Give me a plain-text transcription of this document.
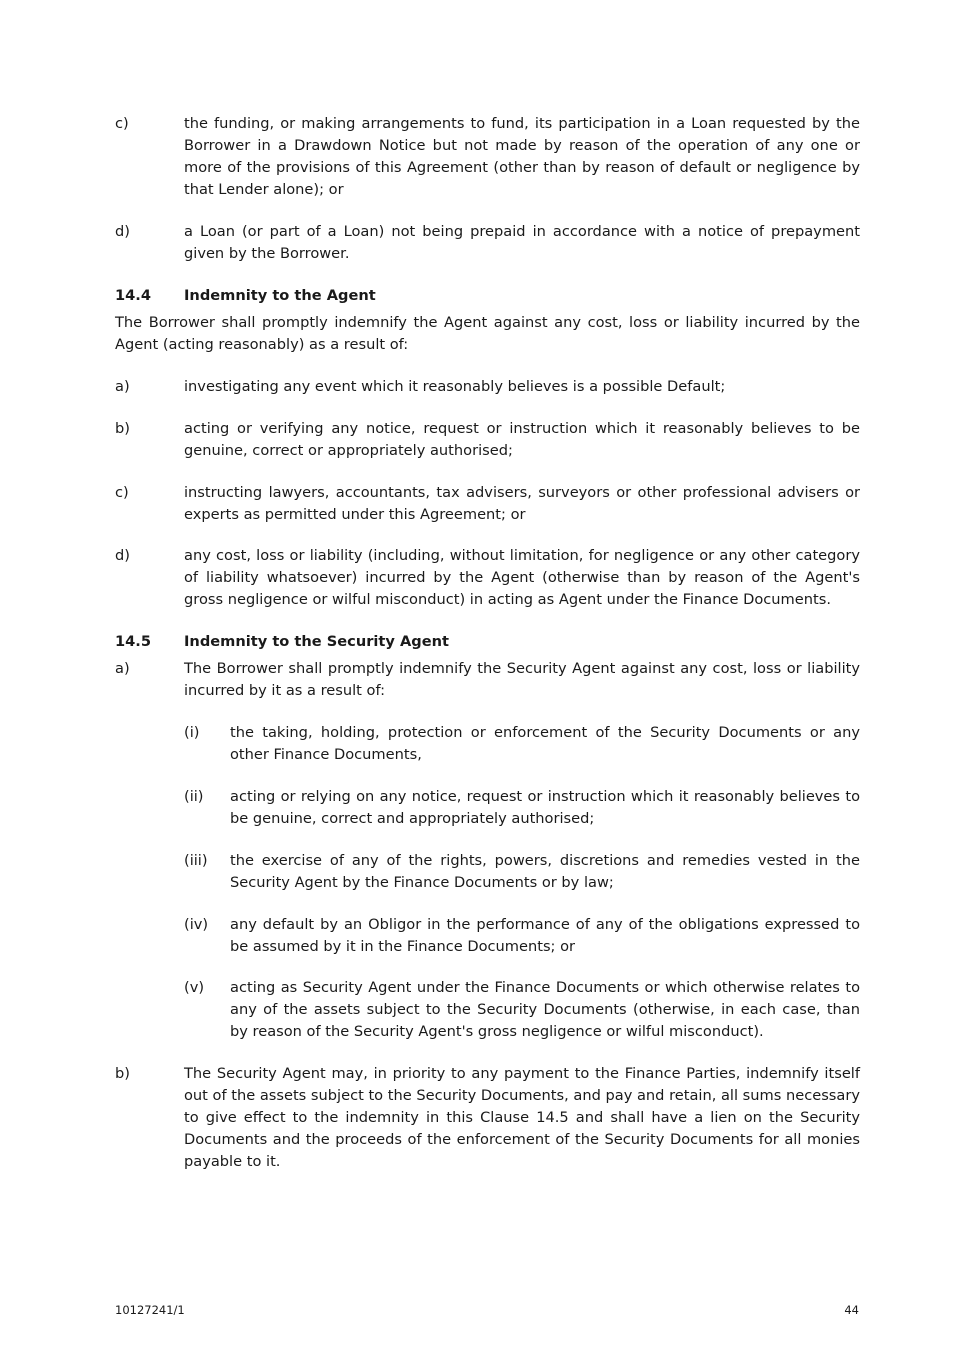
c)	the funding, or making arrangements to fund, its participation in a Loan requested by the Borrower in a Drawdown Notice but not made by reason of the operation of any one or more of the provisions of this Agreement (other than by reason of default or negligence by that Lender alone); or
d)	a Loan (or part of a Loan) not being prepaid in accordance with a notice of prepayment given by the Borrower.
14.4 Indemnity to the Agent
The Borrower shall promptly indemnify the Agent against any cost, loss or liability incurred by the Agent (acting reasonably) as a result of:
a)	investigating any event which it reasonably believes is a possible Default;
b)	acting or verifying any notice, request or instruction which it reasonably believes to be genuine, correct or appropriately authorised;
c)	instructing lawyers, accountants, tax advisers, surveyors or other professional advisers or experts as permitted under this Agreement; or
d)	any cost, loss or liability (including, without limitation, for negligence or any other category of liability whatsoever) incurred by the Agent (otherwise than by reason of the Agent's gross negligence or wilful misconduct) in acting as Agent under the Finance Documents.
14.5 Indemnity to the Security Agent
a)	The Borrower shall promptly indemnify the Security Agent against any cost, loss or liability incurred by it as a result of:
(i) the taking, holding, protection or enforcement of the Security Documents or any other Finance Documents,
(ii) acting or relying on any notice, request or instruction which it reasonably believes to be genuine, correct and appropriately authorised;
(iii) the exercise of any of the rights, powers, discretions and remedies vested in the Security Agent by the Finance Documents or by law;
(iv) any default by an Obligor in the performance of any of the obligations expressed to be assumed by it in the Finance Documents; or
(v) acting as Security Agent under the Finance Documents or which otherwise relates to any of the assets subject to the Security Documents (otherwise, in each case, than by reason of the Security Agent's gross negligence or wilful misconduct).
b)	The Security Agent may, in priority to any payment to the Finance Parties, indemnify itself out of the assets subject to the Security Documents, and pay and retain, all sums necessary to give effect to the indemnity in this Clause 14.5 and shall have a lien on the Security Documents and the proceeds of the enforcement of the Security Documents for all monies payable to it.
10127241/1	44
